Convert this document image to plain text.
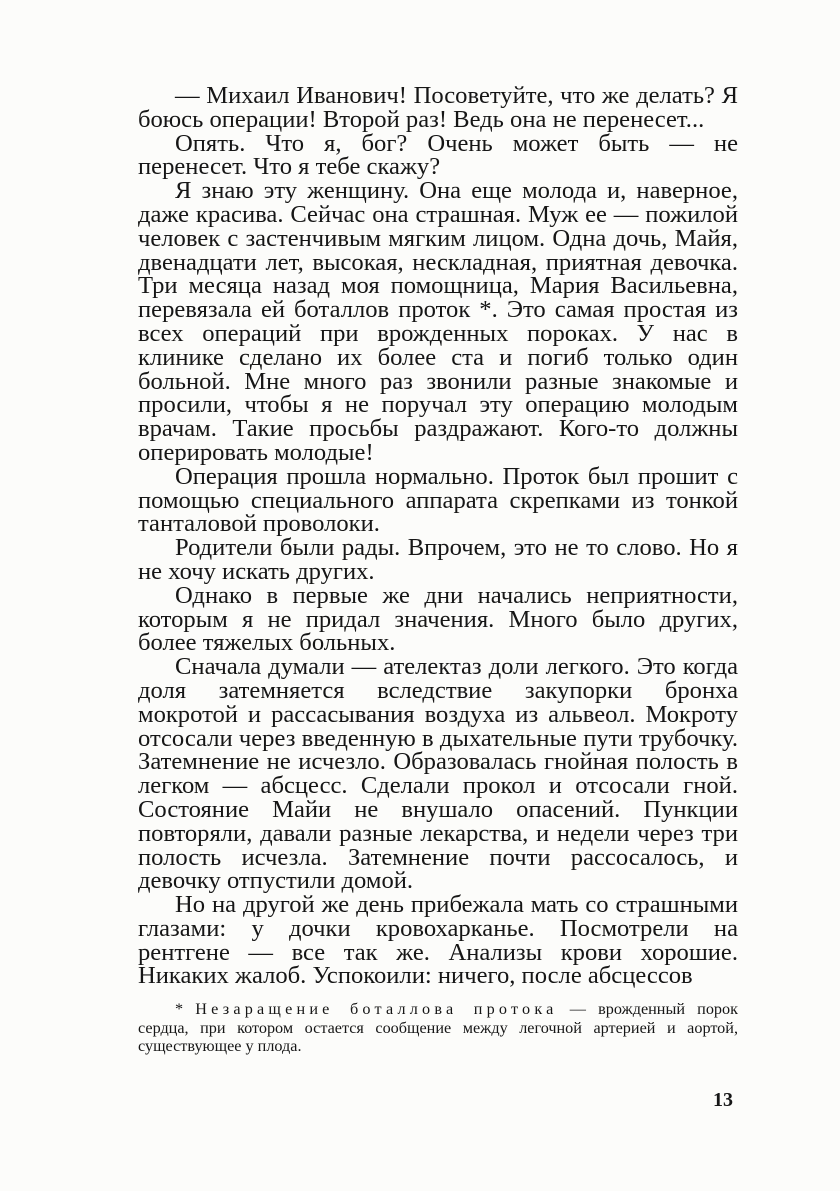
— Михаил Иванович! Посоветуйте, что же делать? Я боюсь операции! Второй раз! Ведь она не перенесет...

Опять. Что я, бог? Очень может быть — не перенесет. Что я тебе скажу?

Я знаю эту женщину. Она еще молода и, наверное, даже красива. Сейчас она страшная. Муж ее — пожилой человек с застенчивым мягким лицом. Одна дочь, Майя, двенадцати лет, высокая, нескладная, приятная девочка. Три месяца назад моя помощница, Мария Васильевна, перевязала ей боталлов проток *. Это самая простая из всех операций при врожденных пороках. У нас в клинике сделано их более ста и погиб только один больной. Мне много раз звонили разные знакомые и просили, чтобы я не поручал эту операцию молодым врачам. Такие просьбы раздражают. Кого-то должны оперировать молодые!

Операция прошла нормально. Проток был прошит с помощью специального аппарата скрепками из тонкой танталовой проволоки.

Родители были рады. Впрочем, это не то слово. Но я не хочу искать других.

Однако в первые же дни начались неприятности, которым я не придал значения. Много было других, более тяжелых больных.

Сначала думали — ателектаз доли легкого. Это когда доля затемняется вследствие закупорки бронха мокротой и рассасывания воздуха из альвеол. Мокроту отсосали через введенную в дыхательные пути трубочку. Затемнение не исчезло. Образовалась гнойная полость в легком — абсцесс. Сделали прокол и отсосали гной. Состояние Майи не внушало опасений. Пункции повторяли, давали разные лекарства, и недели через три полость исчезла. Затемнение почти рассосалось, и девочку отпустили домой.

Но на другой же день прибежала мать со страшными глазами: у дочки кровохарканье. Посмотрели на рентгене — все так же. Анализы крови хорошие. Никаких жалоб. Успокоили: ничего, после абсцессов

* Незаращение боталлова протока — врожденный порок сердца, при котором остается сообщение между легочной артерией и аортой, существующее у плода.
13
